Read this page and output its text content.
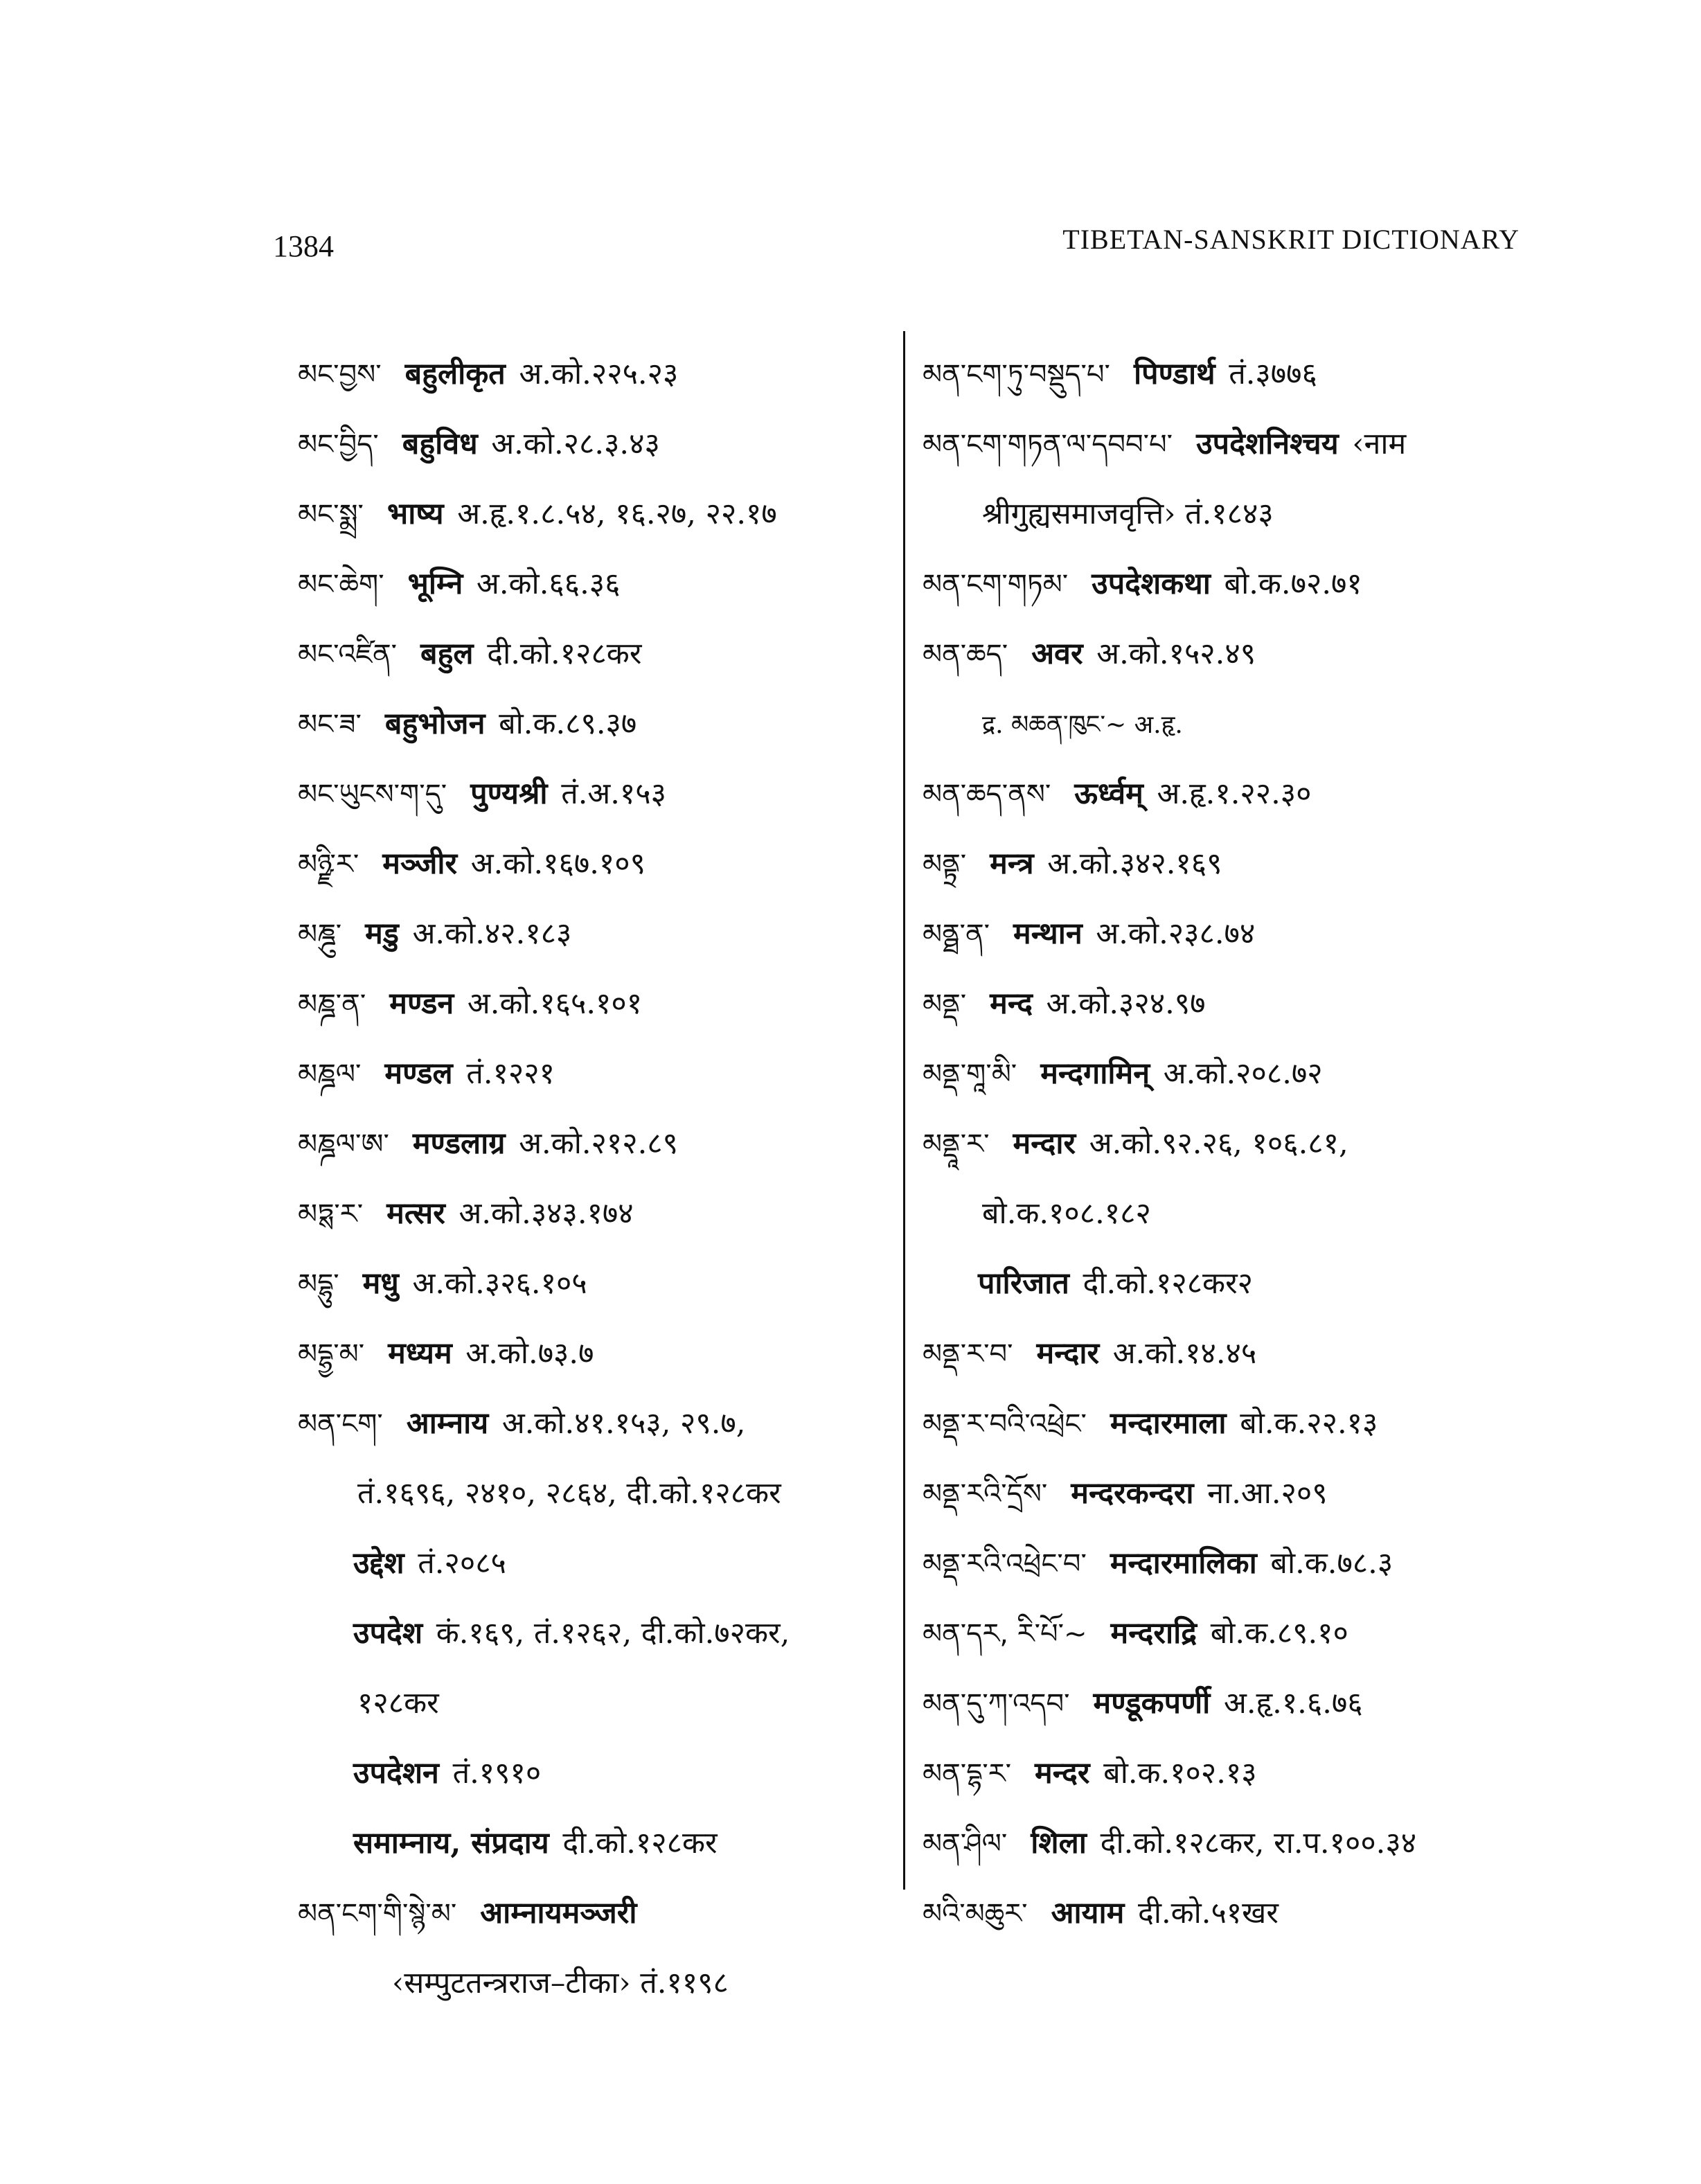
1384	TIBETAN-SANSKRIT DICTIONARY
མང་བྱས་ बहुलीकृत अ.को.२२५.२३
མང་བྱིད་ बहुविध अ.को.२८.३.४३
མང་སྨྲ་ भाष्य अ.हृ.१.८.५४, १६.२७, २२.१७
མང་ཆེག་ भूम्नि अ.को.६६.३६
མང་འཛིན་ बहुल दी.को.१२८कर
མང་ཟ་ बहुभोजन बो.क.८९.३७
མང་ཡུངས་ག་དུ་ पुण्यश्री तं.अ.१५३
མཉྫི་ར་ मञ्जीर अ.को.१६७.१०९
མཎྜུ་ मडु अ.को.४२.१८३
མཎྜ་ན་ मण्डन अ.को.१६५.१०१
མཎྜལ་ मण्डल तं.१२२१
མཎྜལ་ཨ་ मण्डलाग्र अ.को.२१२.८९
མཏྶ་ར་ मत्सर अ.को.३४३.१७४
མདྷུ་ मधु अ.को.३२६.१०५
མདྷྱ་མ་ मध्यम अ.को.७३.७
མན་ངག་ आम्नाय अ.को.४१.१५३, २९.७,
तं.१६९६, २४१०, २८६४, दी.को.१२८कर
उद्देश तं.२०८५
उपदेश कं.१६९, तं.१२६२, दी.को.७२कर,
१२८कर
उपदेशन तं.१९१०
समाम्नाय, संप्रदाय दी.को.१२८कर
མན་ངག་གི་སྙེ་མ་ आम्नायमञ्जरी
‹सम्पुटतन्त्रराज–टीका› तं.११९८
མན་ངག་ཏུ་བསྡུད་པ་ पिण्डार्थ तं.३७७६
མན་ངག་གཏན་ལ་དབབ་པ་ उपदेशनिश्चय ‹नाम
श्रीगुह्यसमाजवृत्ति› तं.१८४३
མན་ངག་གཏམ་ उपदेशकथा बो.क.७२.७१
མན་ཆད་ अवर अ.को.१५२.४९
द्र. མཆན་ཁུང་~ अ.हृ.
མན་ཆད་ནས་ ऊर्ध्वम् अ.हृ.१.२२.३०
མནྟྲ་ मन्त्र अ.को.३४२.१६९
མནྠ་ན་ मन्थान अ.को.२३८.७४
མནྡ་ मन्द अ.को.३२४.९७
མནྡ་གཱ་མི་ मन्दगामिन् अ.को.२०८.७२
མནྡཱ་ར་ मन्दार अ.को.९२.२६, १०६.८१,
बो.क.१०८.१८२
पारिजात दी.को.१२८कर२
མནྡ་ར་བ་ मन्दार अ.को.१४.४५
མནྡ་ར་བའི་འཕྲེང་ मन्दारमाला बो.क.२२.१३
མནྡ་རའི་དྲོས་ मन्दरकन्दरा ना.आ.२०९
མནྡ་རའི་འཕྲེང་བ་ मन्दारमालिका बो.क.७८.३
མན་དར, རི་པོ་~ मन्दराद्रि बो.क.८९.१०
མན་དུ་ཀ་འདབ་ मण्डूकपर्णी अ.हृ.१.६.७६
མན་དྷ་ར་ मन्दर बो.क.१०२.१३
མན་ཤིལ་ शिला दी.को.१२८कर, रा.प.१००.३४
མའི་མཆུར་ आयाम दी.को.५१खर
